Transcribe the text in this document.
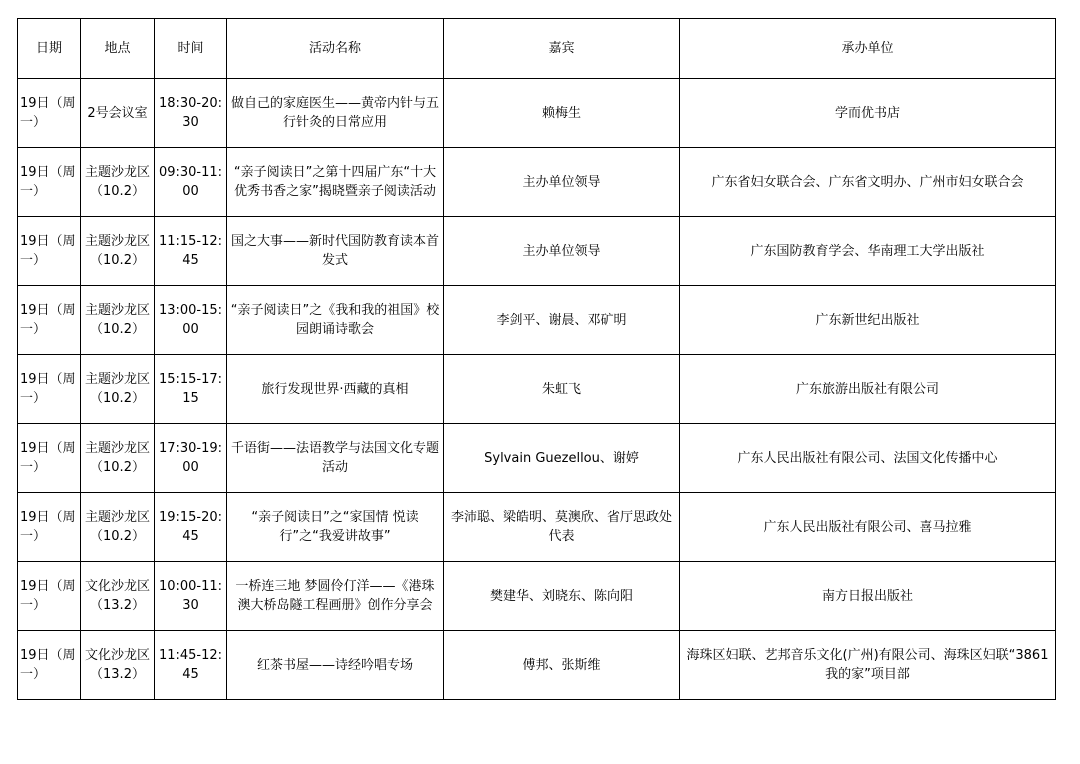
日期	地点	时间	活动名称	嘉宾	承办单位
19日（周一）	2号会议室	18:30-20:30	做自己的家庭医生——黄帝内针与五行针灸的日常应用	赖梅生	学而优书店
19日（周一）	主题沙龙区（10.2）	09:30-11:00	“亲子阅读日”之第十四届广东“十大优秀书香之家”揭晓暨亲子阅读活动	主办单位领导	广东省妇女联合会、广东省文明办、广州市妇女联合会
19日（周一）	主题沙龙区（10.2）	11:15-12:45	国之大事——新时代国防教育读本首发式	主办单位领导	广东国防教育学会、华南理工大学出版社
19日（周一）	主题沙龙区（10.2）	13:00-15:00	“亲子阅读日”之《我和我的祖国》校园朗诵诗歌会	李剑平、谢晨、邓矿明	广东新世纪出版社
19日（周一）	主题沙龙区（10.2）	15:15-17:15	旅行发现世界·西藏的真相	朱虹飞	广东旅游出版社有限公司
19日（周一）	主题沙龙区（10.2）	17:30-19:00	千语街——法语教学与法国文化专题活动	Sylvain Guezellou、谢婷	广东人民出版社有限公司、法国文化传播中心
19日（周一）	主题沙龙区（10.2）	19:15-20:45	“亲子阅读日”之“家国情 悦读行”之“我爱讲故事”	李沛聪、梁皓明、莫澳欣、省厅思政处代表	广东人民出版社有限公司、喜马拉雅
19日（周一）	文化沙龙区（13.2）	10:00-11:30	一桥连三地 梦圆伶仃洋——《港珠澳大桥岛隧工程画册》创作分享会	樊建华、刘晓东、陈向阳	南方日报出版社
19日（周一）	文化沙龙区（13.2）	11:45-12:45	红茶书屋——诗经吟唱专场	傅邦、张斯维	海珠区妇联、艺邦音乐文化(广州)有限公司、海珠区妇联“3861我的家”项目部
